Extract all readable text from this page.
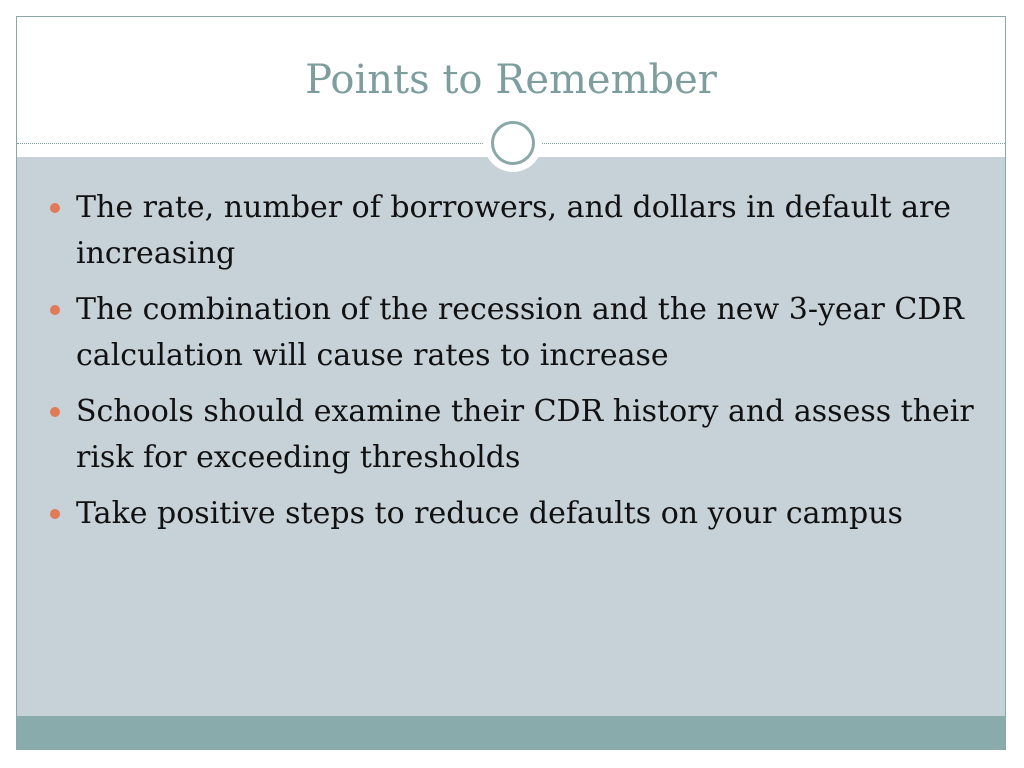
Points to Remember
The rate, number of borrowers, and dollars in default are increasing
The combination of the recession and the new 3-year CDR calculation will cause rates to increase
Schools should examine their CDR history and assess their risk for exceeding thresholds
Take positive steps to reduce defaults on your campus
